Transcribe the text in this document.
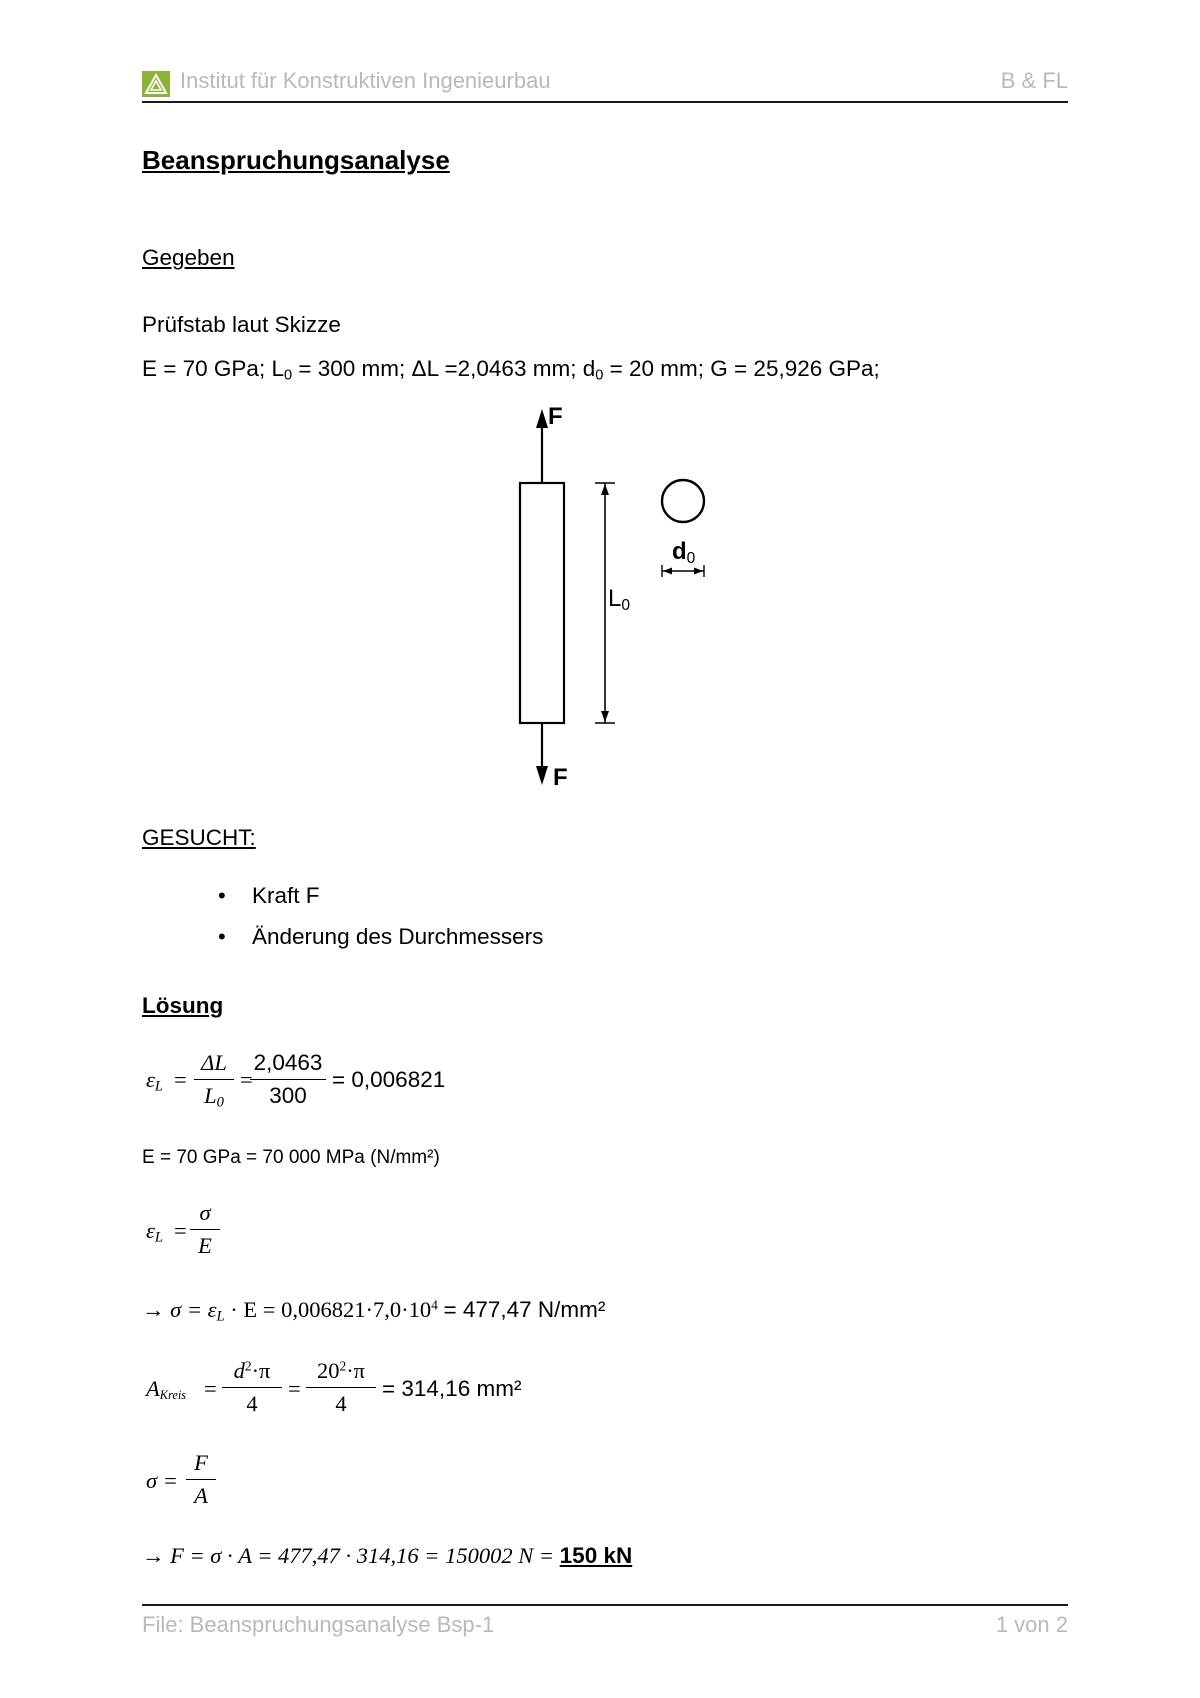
Institut für Konstruktiven Ingenieurbau	B & FL
Beanspruchungsanalyse
Gegeben
Prüfstab laut Skizze
E = 70 GPa; $L_0 = 300$ mm; ΔL =2,0463 mm; $d_0 = 20$ mm; G = 25,926 GPa;
F
F
$L_0$
$d_0$
GESUCHT:
• Kraft F
• Änderung des Durchmessers
Lösung
$\varepsilon_L = \frac{\Delta L}{L_0}$ =
$\frac{2,0463}{300} = 0,006821$
E = 70 GPa = 70 000 MPa (N/mm²)
$\varepsilon_L = \frac{\sigma}{E}$
→ $\sigma = \varepsilon_L \cdot E = 0,006821\cdot 7,0\cdot 10^4 = 477,47$ N/mm²
$A_{Kreis} = \frac{d^2\cdot\pi}{4} = \frac{20^2\cdot\pi}{4} = 314,16$ mm²
$\sigma = \frac{F}{A}$
→ F = σ · A = 477,47 · 314,16 = 150002 N = 150 kN
File: Beanspruchungsanalyse Bsp-1	1 von 2
